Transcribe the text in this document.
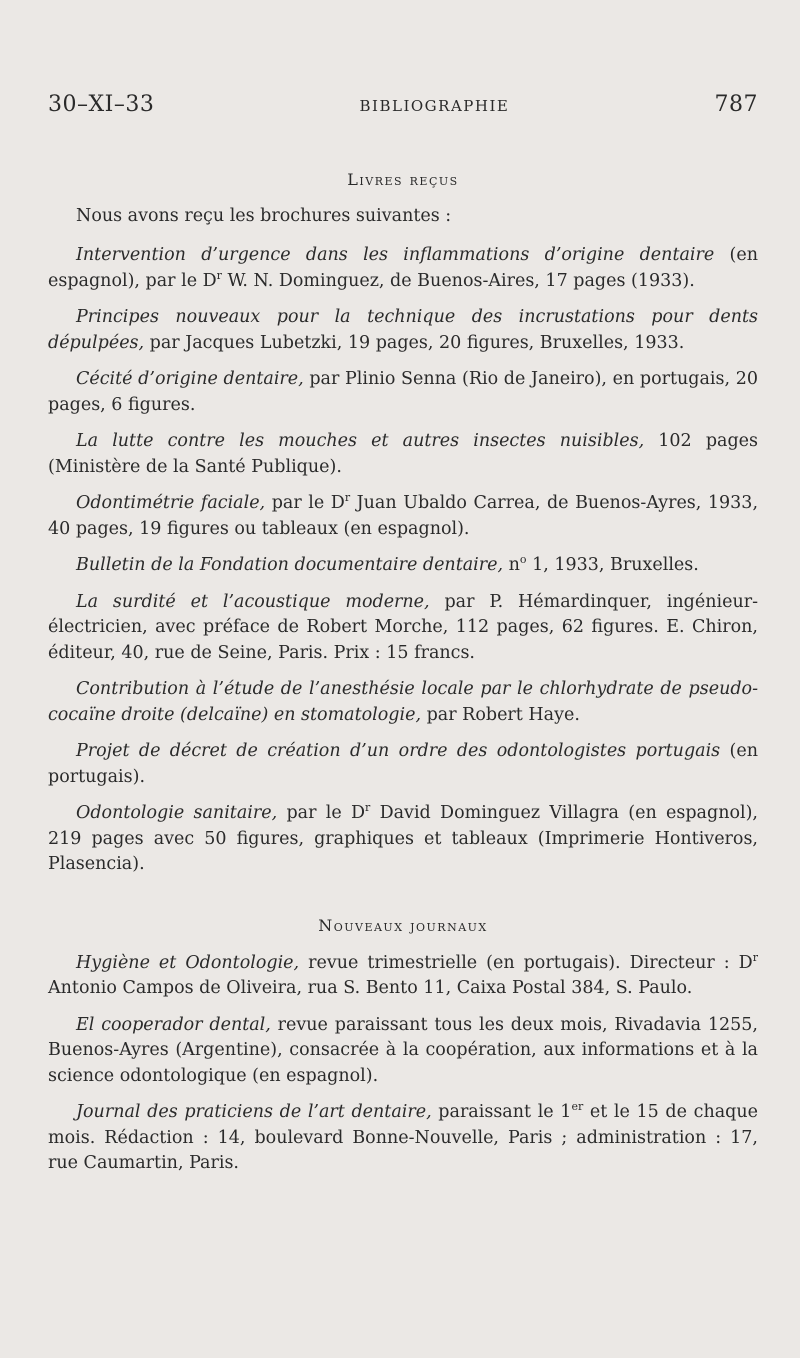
30–XI–33	BIBLIOGRAPHIE	787
Livres reçus

Nous avons reçu les brochures suivantes :

Intervention d’urgence dans les inflammations d’origine dentaire (en espagnol), par le $D^r$ W. N. Dominguez, de Buenos-Aires, 17 pages (1933).

Principes nouveaux pour la technique des incrustations pour dents dépulpées, par Jacques Lubetzki, 19 pages, 20 figures, Bruxelles, 1933.

Cécité d’origine dentaire, par Plinio Senna (Rio de Janeiro), en portugais, 20 pages, 6 figures.

La lutte contre les mouches et autres insectes nuisibles, 102 pages (Ministère de la Santé Publique).

Odontimétrie faciale, par le $D^r$ Juan Ubaldo Carrea, de Buenos-Ayres, 1933, 40 pages, 19 figures ou tableaux (en espagnol).

Bulletin de la Fondation documentaire dentaire, $n^o$ 1, 1933, Bruxelles.

La surdité et l’acoustique moderne, par P. Hémardinquer, ingénieur-électricien, avec préface de Robert Morche, 112 pages, 62 figures. E. Chiron, éditeur, 40, rue de Seine, Paris. Prix : 15 francs.

Contribution à l’étude de l’anesthésie locale par le chlorhydrate de pseudo-cocaïne droite (delcaïne) en stomatologie, par Robert Haye.

Projet de décret de création d’un ordre des odontologistes portugais (en portugais).

Odontologie sanitaire, par le $D^r$ David Dominguez Villagra (en espagnol), 219 pages avec 50 figures, graphiques et tableaux (Imprimerie Hontiveros, Plasencia).

Nouveaux journaux

Hygiène et Odontologie, revue trimestrielle (en portugais). Directeur : $D^r$ Antonio Campos de Oliveira, rua S. Bento 11, Caixa Postal 384, S. Paulo.

El cooperador dental, revue paraissant tous les deux mois, Rivadavia 1255, Buenos-Ayres (Argentine), consacrée à la coopération, aux informations et à la science odontologique (en espagnol).

Journal des praticiens de l’art dentaire, paraissant le 1er et le 15 de chaque mois. Rédaction : 14, boulevard Bonne-Nouvelle, Paris ; administration : 17, rue Caumartin, Paris.
